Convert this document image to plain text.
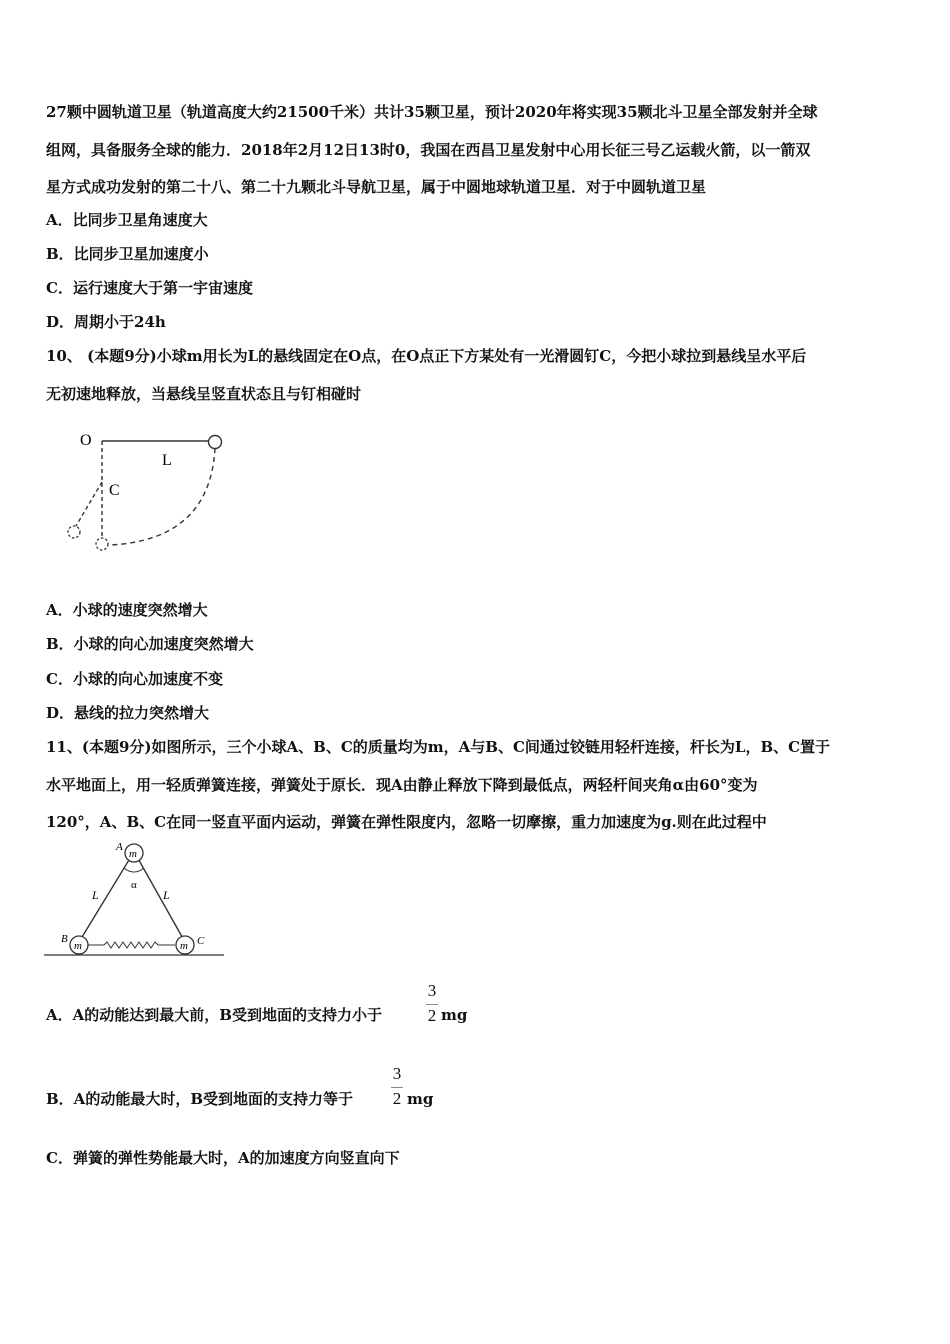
27颗中圆轨道卫星（轨道高度大约21500千米）共计35颗卫星，预计2020年将实现35颗北斗卫星全部发射并全球
组网，具备服务全球的能力．2018年2月12日13时0，我国在西昌卫星发射中心用长征三号乙运载火箭，以一箭双
星方式成功发射的第二十八、第二十九颗北斗导航卫星，属于中圆地球轨道卫星．对于中圆轨道卫星
A．比同步卫星角速度大
B．比同步卫星加速度小
C．运行速度大于第一宇宙速度
D．周期小于24h
10、 (本题9分)小球m用长为L的悬线固定在O点，在O点正下方某处有一光滑圆钉C，今把小球拉到悬线呈水平后
无初速地释放，当悬线呈竖直状态且与钉相碰时
O
L
C
A．小球的速度突然增大
B．小球的向心加速度突然增大
C．小球的向心加速度不变
D．悬线的拉力突然增大
11、(本题9分)如图所示，三个小球A、B、C的质量均为m，A与B、C间通过铰链用轻杆连接，杆长为L，B、C置于
水平地面上，用一轻质弹簧连接，弹簧处于原长．现A由静止释放下降到最低点，两轻杆间夹角α由60°变为
120°，A、B、C在同一竖直平面内运动，弹簧在弹性限度内，忽略一切摩擦，重力加速度为g.则在此过程中
α
m
A
L	L
m
B
m C
A．A的动能达到最大前，B受到地面的支持力小于
3
2 mg
B．A的动能最大时，B受到地面的支持力等于
3
2 mg
C．弹簧的弹性势能最大时，A的加速度方向竖直向下
